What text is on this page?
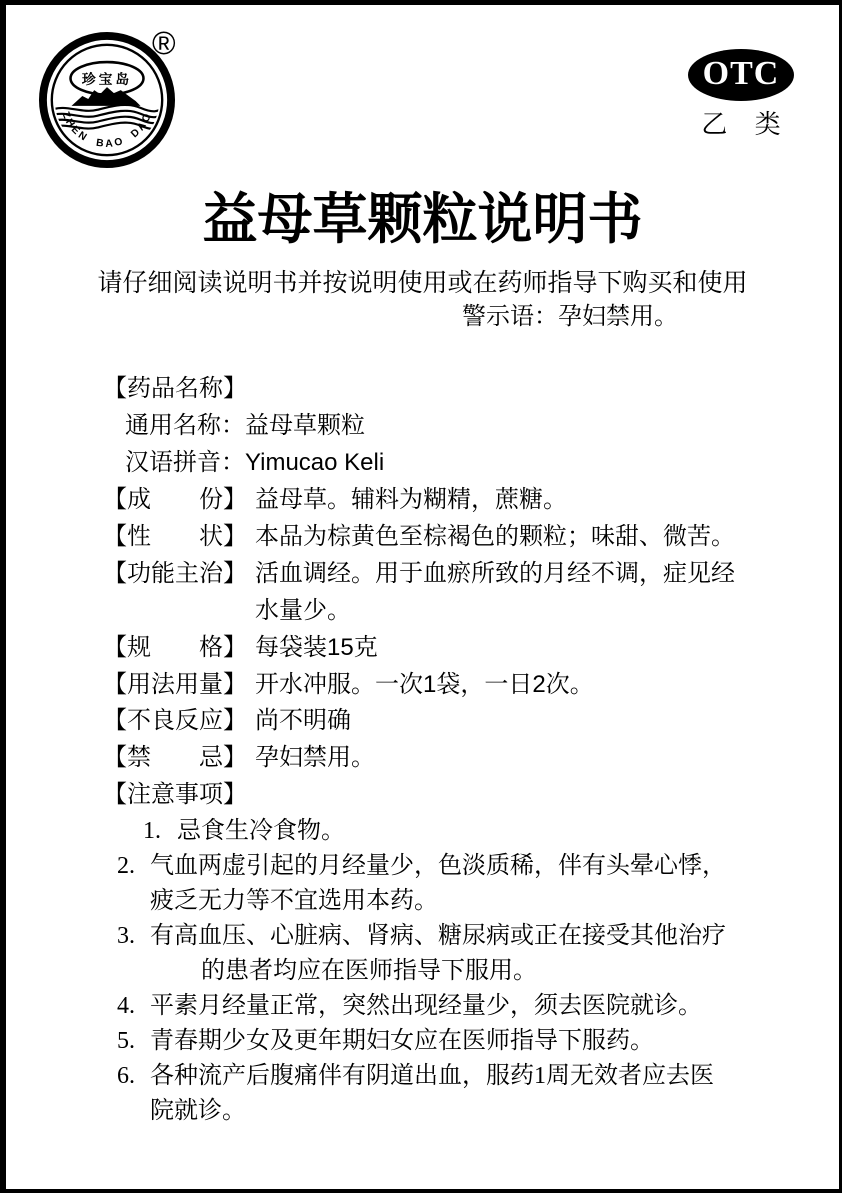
珍宝岛
ZHEN BAO DAO
®
OTC
乙 类
益母草颗粒说明书

请仔细阅读说明书并按说明使用或在药师指导下购买和使用

警示语：孕妇禁用。

【药品名称】
通用名称：益母草颗粒
汉语拼音：Yimucao Keli
【成　　份】 益母草。辅料为糊精，蔗糖。
【性　　状】 本品为棕黄色至棕褐色的颗粒；味甜、微苦。
【功能主治】 活血调经。用于血瘀所致的月经不调，症见经
水量少。
【规　　格】 每袋装15克
【用法用量】 开水冲服。一次1袋，一日2次。
【不良反应】 尚不明确
【禁　　忌】 孕妇禁用。
【注意事项】
1. 忌食生冷食物。
2. 气血两虚引起的月经量少，色淡质稀，伴有头晕心悸，
疲乏无力等不宜选用本药。
3. 有高血压、心脏病、肾病、糖尿病或正在接受其他治疗
的患者均应在医师指导下服用。
4. 平素月经量正常，突然出现经量少，须去医院就诊。
5. 青春期少女及更年期妇女应在医师指导下服药。
6. 各种流产后腹痛伴有阴道出血，服药1周无效者应去医
院就诊。
